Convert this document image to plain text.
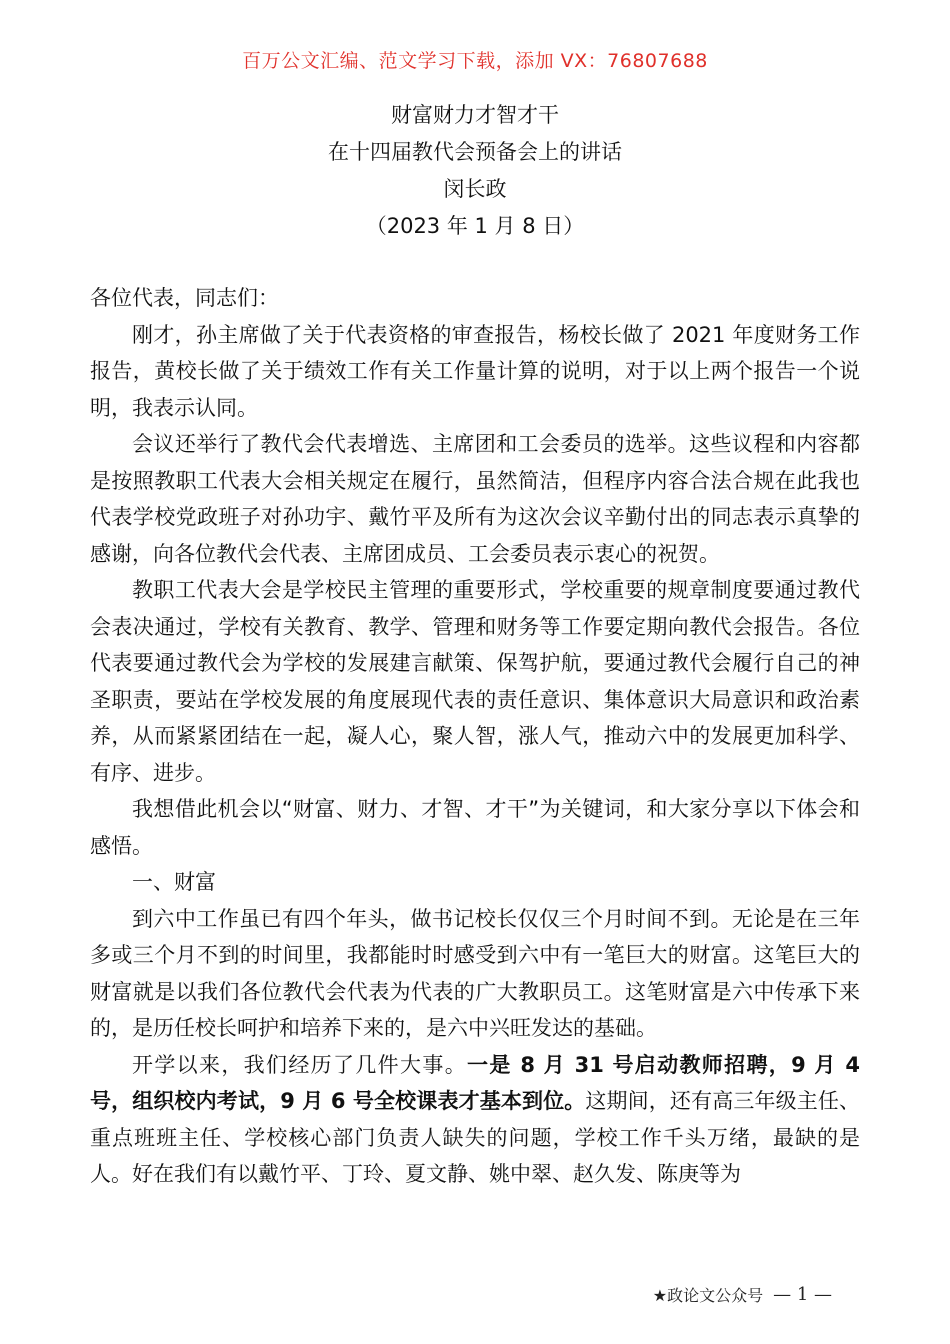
百万公文汇编、范文学习下载，添加 VX：76807688
财富财力才智才干
在十四届教代会预备会上的讲话
闵长政
（2023 年 1 月 8 日）

各位代表，同志们：

刚才，孙主席做了关于代表资格的审查报告，杨校长做了 2021 年度财务工作报告，黄校长做了关于绩效工作有关工作量计算的说明，对于以上两个报告一个说明，我表示认同。

会议还举行了教代会代表增选、主席团和工会委员的选举。这些议程和内容都是按照教职工代表大会相关规定在履行，虽然简洁，但程序内容合法合规在此我也代表学校党政班子对孙功宇、戴竹平及所有为这次会议辛勤付出的同志表示真挚的感谢，向各位教代会代表、主席团成员、工会委员表示衷心的祝贺。

教职工代表大会是学校民主管理的重要形式，学校重要的规章制度要通过教代会表决通过，学校有关教育、教学、管理和财务等工作要定期向教代会报告。各位代表要通过教代会为学校的发展建言献策、保驾护航，要通过教代会履行自己的神圣职责，要站在学校发展的角度展现代表的责任意识、集体意识大局意识和政治素养，从而紧紧团结在一起，凝人心，聚人智，涨人气，推动六中的发展更加科学、有序、进步。

我想借此机会以“财富、财力、才智、才干”为关键词，和大家分享以下体会和感悟。

一、财富

到六中工作虽已有四个年头，做书记校长仅仅三个月时间不到。无论是在三年多或三个月不到的时间里，我都能时时感受到六中有一笔巨大的财富。这笔巨大的财富就是以我们各位教代会代表为代表的广大教职员工。这笔财富是六中传承下来的，是历任校长呵护和培养下来的，是六中兴旺发达的基础。

开学以来，我们经历了几件大事。一是 8 月 31 号启动教师招聘，9 月 4 号，组织校内考试，9 月 6 号全校课表才基本到位。这期间，还有高三年级主任、重点班班主任、学校核心部门负责人缺失的问题，学校工作千头万绪，最缺的是人。好在我们有以戴竹平、丁玲、夏文静、姚中翠、赵久发、陈庚等为

★政论文公众号 — 1 —
